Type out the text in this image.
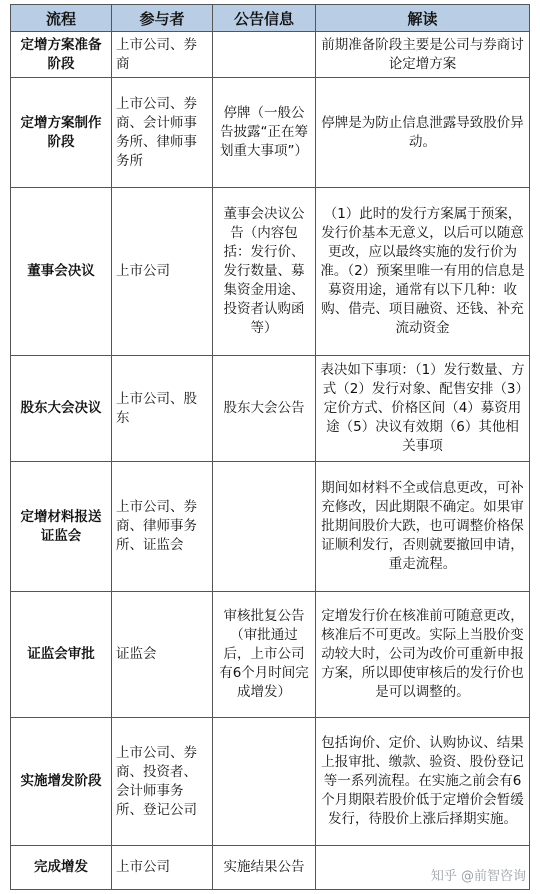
流程	参与者	公告信息	解读
定增方案准备阶段	上市公司、券商		前期准备阶段主要是公司与券商讨论定增方案
定增方案制作阶段	上市公司、券商、会计师事务所、律师事务所	停牌（一般公告披露“正在筹划重大事项”）	停牌是为防止信息泄露导致股价异动。
董事会决议	上市公司	董事会决议公告（内容包括：发行价、发行数量、募集资金用途、投资者认购函等）	（1）此时的发行方案属于预案，发行价基本无意义，以后可以随意更改，应以最终实施的发行价为准。（2）预案里唯一有用的信息是募资用途，通常有以下几种：收购、借壳、项目融资、还钱、补充流动资金
股东大会决议	上市公司、股东	股东大会公告	表决如下事项：（1）发行数量、方式（2）发行对象、配售安排（3）定价方式、价格区间（4）募资用途（5）决议有效期（6）其他相关事项
定增材料报送证监会	上市公司、券商、律师事务所、证监会		期间如材料不全或信息更改，可补充修改，因此期限不确定。如果审批期间股价大跌，也可调整价格保证顺利发行，否则就要撤回申请，重走流程。
证监会审批	证监会	审核批复公告（审批通过后，上市公司有6个月时间完成增发）	定增发行价在核准前可随意更改，核准后不可更改。实际上当股价变动较大时，公司为改价可重新申报方案，所以即使审核后的发行价也是可以调整的。
实施增发阶段	上市公司、券商、投资者、会计师事务所、登记公司		包括询价、定价、认购协议、结果上报审批、缴款、验资、股份登记等一系列流程。在实施之前会有6个月期限若股价低于定增价会暂缓发行，待股价上涨后择期实施。
完成增发	上市公司	实施结果公告	
知乎 @前智咨询
